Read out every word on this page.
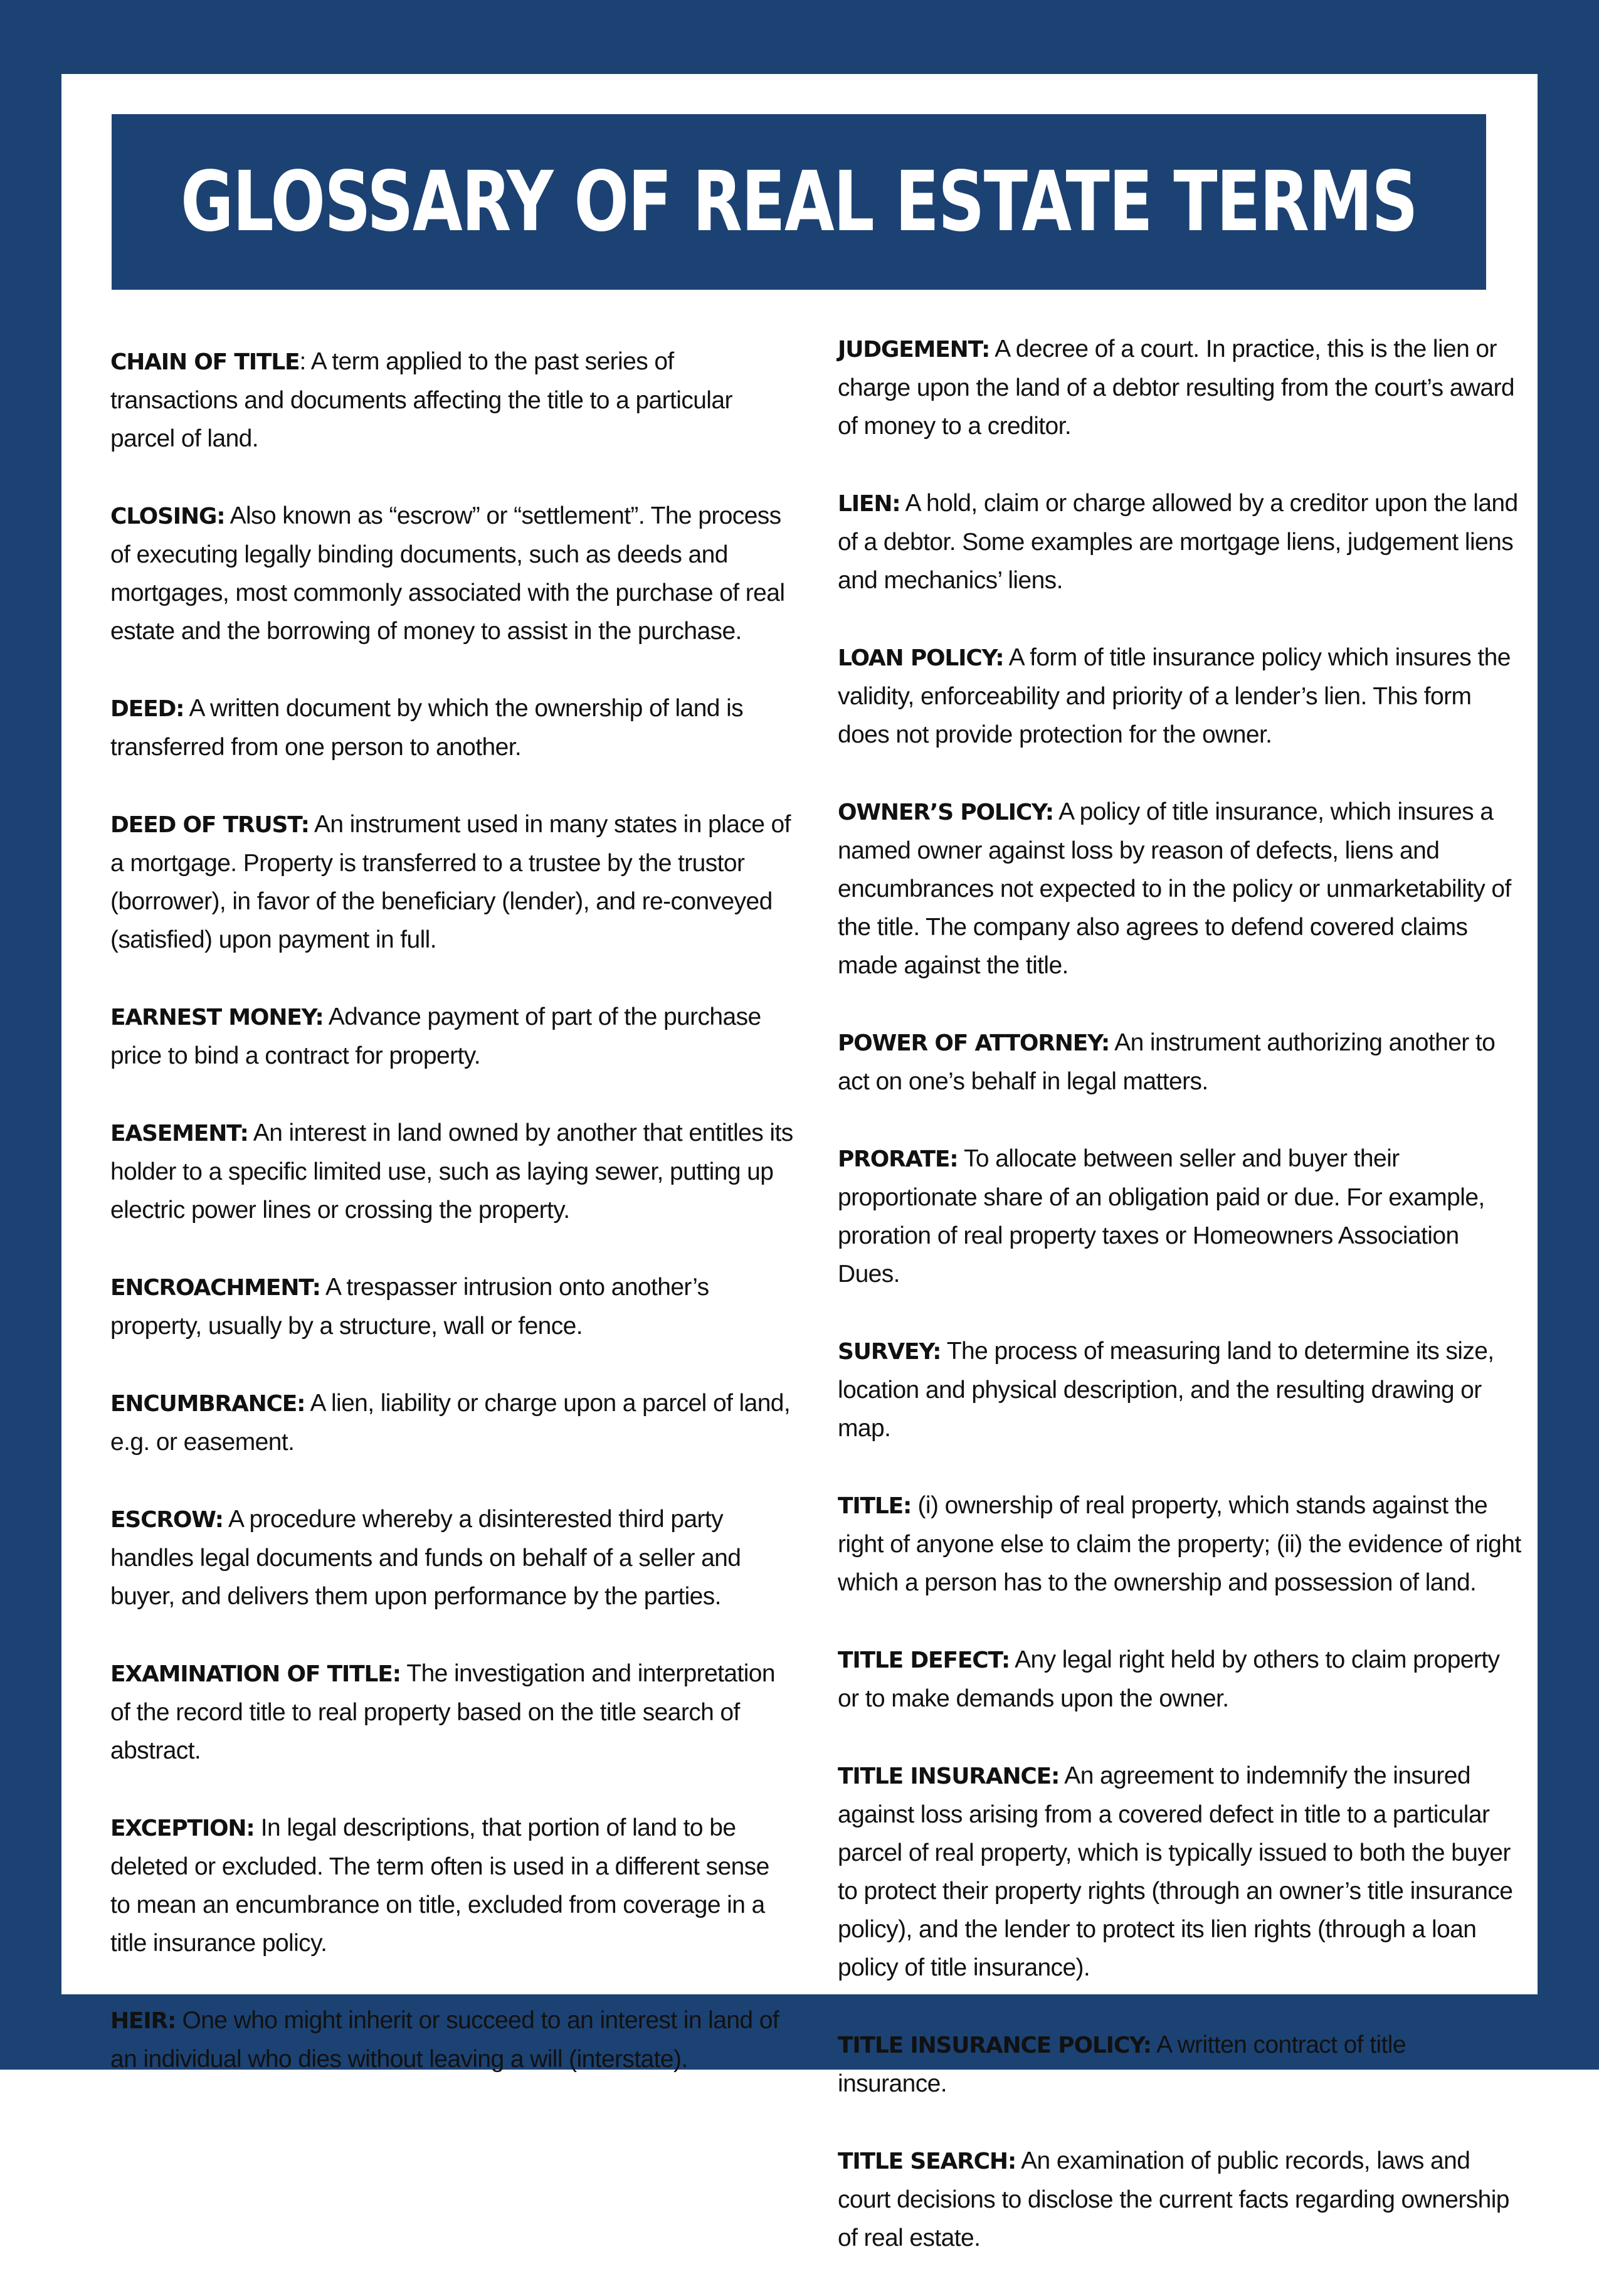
GLOSSARY OF REAL ESTATE TERMS

CHAIN OF TITLE: A term applied to the past series of transactions and documents affecting the title to a particular parcel of land.

CLOSING: Also known as “escrow” or “settlement”. The process of executing legally binding documents, such as deeds and mortgages, most commonly associated with the purchase of real estate and the borrowing of money to assist in the purchase.

DEED: A written document by which the ownership of land is transferred from one person to another.

DEED OF TRUST: An instrument used in many states in place of a mortgage. Property is transferred to a trustee by the trustor (borrower), in favor of the beneficiary (lender), and re-conveyed (satisfied) upon payment in full.

EARNEST MONEY: Advance payment of part of the purchase price to bind a contract for property.

EASEMENT: An interest in land owned by another that entitles its holder to a specific limited use, such as laying sewer, putting up electric power lines or crossing the property.

ENCROACHMENT: A trespasser intrusion onto another’s property, usually by a structure, wall or fence.

ENCUMBRANCE: A lien, liability or charge upon a parcel of land, e.g. or easement.

ESCROW: A procedure whereby a disinterested third party handles legal documents and funds on behalf of a seller and buyer, and delivers them upon performance by the parties.

EXAMINATION OF TITLE: The investigation and interpretation of the record title to real property based on the title search of abstract.

EXCEPTION: In legal descriptions, that portion of land to be deleted or excluded. The term often is used in a different sense to mean an encumbrance on title, excluded from coverage in a title insurance policy.

HEIR: One who might inherit or succeed to an interest in land of an individual who dies without leaving a will (interstate).

JUDGEMENT: A decree of a court. In practice, this is the lien or charge upon the land of a debtor resulting from the court’s award of money to a creditor.

LIEN: A hold, claim or charge allowed by a creditor upon the land of a debtor. Some examples are mortgage liens, judgement liens and mechanics’ liens.

LOAN POLICY: A form of title insurance policy which insures the validity, enforceability and priority of a lender’s lien. This form does not provide protection for the owner.

OWNER’S POLICY: A policy of title insurance, which insures a named owner against loss by reason of defects, liens and encumbrances not expected to in the policy or unmarketability of the title. The company also agrees to defend covered claims made against the title.

POWER OF ATTORNEY: An instrument authorizing another to act on one’s behalf in legal matters.

PRORATE: To allocate between seller and buyer their proportionate share of an obligation paid or due. For example, proration of real property taxes or Homeowners Association Dues.

SURVEY: The process of measuring land to determine its size, location and physical description, and the resulting drawing or map.

TITLE: (i) ownership of real property, which stands against the right of anyone else to claim the property; (ii) the evidence of right which a person has to the ownership and possession of land.

TITLE DEFECT: Any legal right held by others to claim property or to make demands upon the owner.

TITLE INSURANCE: An agreement to indemnify the insured against loss arising from a covered defect in title to a particular parcel of real property, which is typically issued to both the buyer to protect their property rights (through an owner’s title insurance policy), and the lender to protect its lien rights (through a loan policy of title insurance).

TITLE INSURANCE POLICY: A written contract of title insurance.

TITLE SEARCH: An examination of public records, laws and court decisions to disclose the current facts regarding ownership of real estate.
